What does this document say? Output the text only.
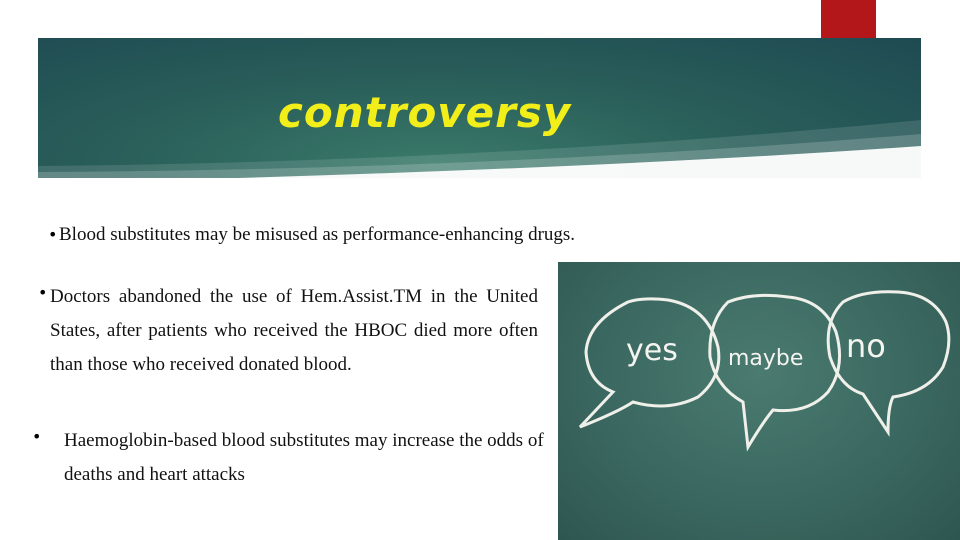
controversy
• Blood substitutes may be misused as performance-enhancing drugs.
• Doctors abandoned the use of Hem.Assist.TM in the United States, after patients who received the HBOC died more often than those who received donated blood.
• Haemoglobin-based blood substitutes may increase the odds of deaths and heart attacks
yes maybe no
